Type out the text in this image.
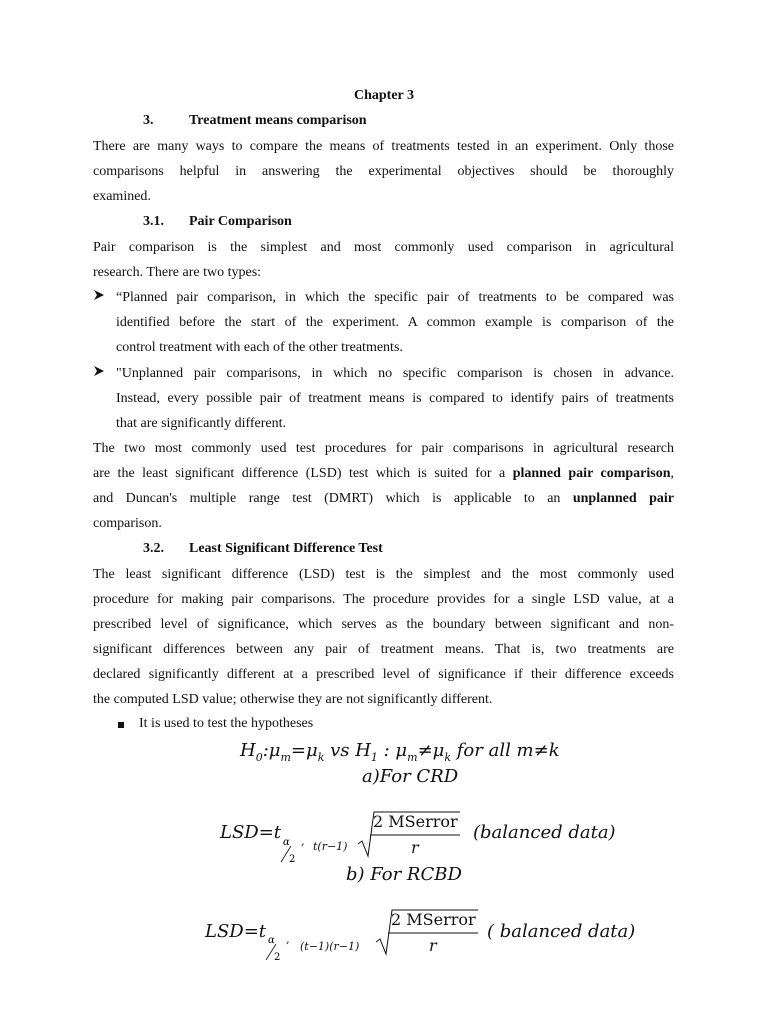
Chapter 3
3.	Treatment means comparison
There are many ways to compare the means of treatments tested in an experiment. Only those
comparisons helpful in answering the experimental objectives should be thoroughly
examined.
3.1. Pair Comparison
Pair comparison is the simplest and most commonly used comparison in agricultural
research. There are two types:
“Planned pair comparison, in which the specific pair of treatments to be compared was
identified before the start of the experiment. A common example is comparison of the
control treatment with each of the other treatments.
"Unplanned pair comparisons, in which no specific comparison is chosen in advance.
Instead, every possible pair of treatment means is compared to identify pairs of treatments
that are significantly different.
The two most commonly used test procedures for pair comparisons in agricultural research
are the least significant difference (LSD) test which is suited for a planned pair comparison,
and Duncan's multiple range test (DMRT) which is applicable to an unplanned pair
comparison.
3.2. Least Significant Difference Test
The least significant difference (LSD) test is the simplest and the most commonly used
procedure for making pair comparisons. The procedure provides for a single LSD value, at a
prescribed level of significance, which serves as the boundary between significant and non-
significant differences between any pair of treatment means. That is, two treatments are
declared significantly different at a prescribed level of significance if their difference exceeds
the computed LSD value; otherwise they are not significantly different.
It is used to test the hypotheses
$H_0:\mu_m=\mu_k$ vs $H_1$ : $\mu_m\ne\mu_k$ for all m≠k
a)For CRD
LSD=t α
2
, t(r−1)
2 MSerror
r
(balanced data)
b) For RCBD
LSD=t α
2
,
(t−1)(r−1)
2 MSerror
r
( balanced data)
